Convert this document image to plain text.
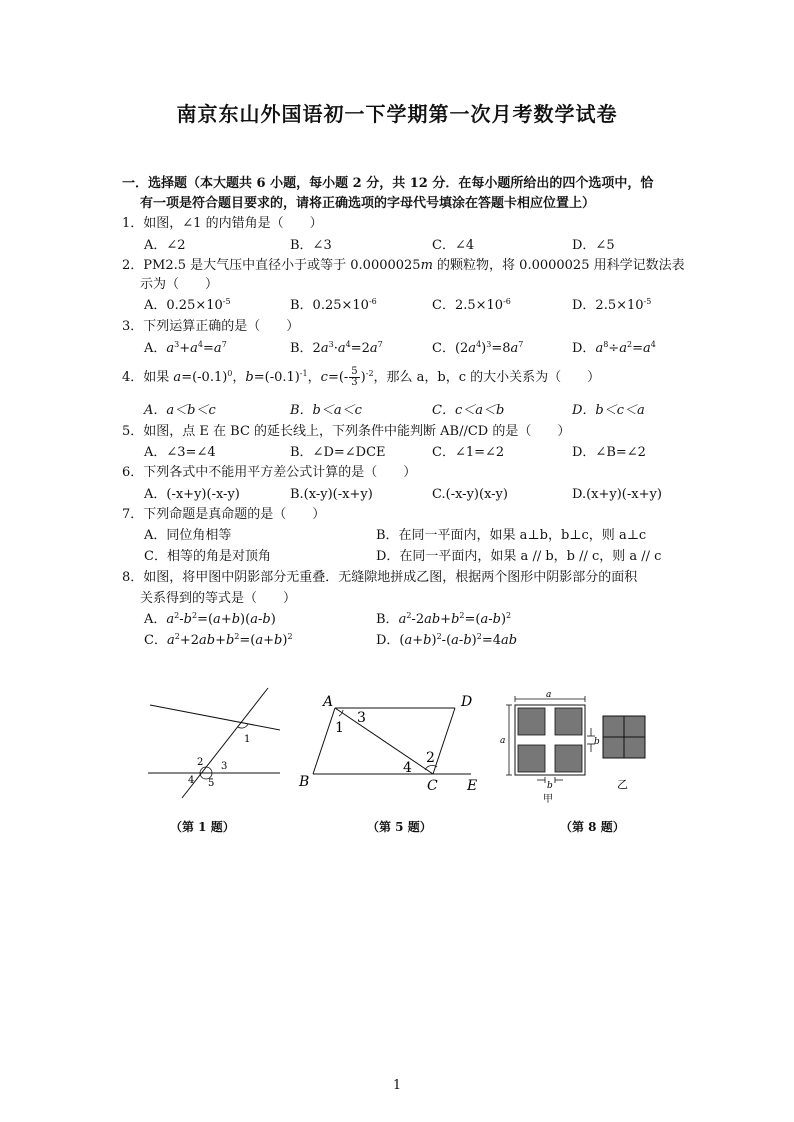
南京东山外国语初一下学期第一次月考数学试卷
一．选择题（本大题共 6 小题，每小题 2 分，共 12 分．在每小题所给出的四个选项中，恰
有一项是符合题目要求的，请将正确选项的字母代号填涂在答题卡相应位置上）
1．如图，∠1 的内错角是（　　）
A．∠2	B．∠3	C．∠4	D．∠5
2．PM2.5 是大气压中直径小于或等于 0.0000025m 的颗粒物，将 0.0000025 用科学记数法表
示为（　　）
A．$0.25\times 10^{-5}$	B．$0.25\times 10^{-6}$	C．$2.5\times 10^{-6}$	D．$2.5\times 10^{-5}$
3．下列运算正确的是（　　）
A．$a^3+a^4=a^7$	B．$2a^3\cdot a^4=2a^7$	C．$(2a^4)^3=8a^7$	D．$a^8\div a^2=a^4$
4．如果 $a=(-0.1)^0$，$b=(-0.1)^{-1}$，$c=(- \frac{5}{3} )^{-2}$，那么 a，b，c 的大小关系为（　　）
A．a＜b＜c	B．b＜a＜c	C．c＜a＜b	D．b＜c＜a
5．如图，点 E 在 BC 的延长线上，下列条件中能判断 AB//CD 的是（　　）
A．∠3=∠4	B．∠D=∠DCE	C．∠1=∠2	D．∠B=∠2
6．下列各式中不能用平方差公式计算的是（　　）
A．(-x+y)(-x-y)	B.(x-y)(-x+y)	C.(-x-y)(x-y)	D.(x+y)(-x+y)
7．下列命题是真命题的是（　　）
A．同位角相等	B．在同一平面内，如果 a⊥b，b⊥c，则 a⊥c
C．相等的角是对顶角	D．在同一平面内，如果 a // b，b // c，则 a // c
8．如图，将甲图中阴影部分无重叠．无缝隙地拼成乙图，根据两个图形中阴影部分的面积
关系得到的等式是（　　）
A．$a^2-b^2=(a+b)(a-b)$	B．$a^2-2ab+b^2=(a-b)^2$
C．$a^2+2ab+b^2=(a+b)^2$	D．$(a+b)^2-(a-b)^2=4ab$
1
2 3
4 5
（第 1 题）
A	D
B	C E
1
2
3
4
（第 5 题）
a
a	b
b
甲
乙
（第 8 题）
1
